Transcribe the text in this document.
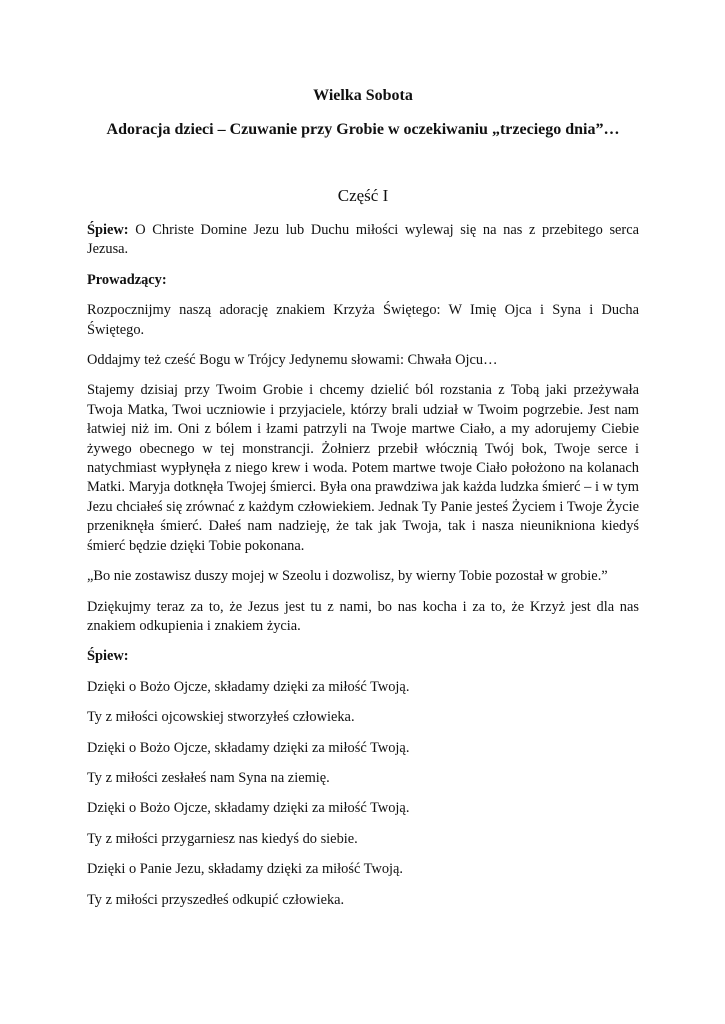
Wielka Sobota
Adoracja dzieci – Czuwanie przy Grobie w oczekiwaniu „trzeciego dnia”…
Część I
Śpiew: O Christe Domine Jezu lub Duchu miłości wylewaj się na nas z przebitego serca Jezusa.
Prowadzący:
Rozpocznijmy naszą adorację znakiem Krzyża Świętego: W Imię Ojca i Syna i Ducha Świętego.
Oddajmy też cześć Bogu w Trójcy Jedynemu słowami: Chwała Ojcu…
Stajemy dzisiaj przy Twoim Grobie i chcemy dzielić ból rozstania z Tobą jaki przeżywała Twoja Matka, Twoi uczniowie i przyjaciele, którzy brali udział w Twoim pogrzebie. Jest nam łatwiej niż im. Oni z bólem i łzami patrzyli na Twoje martwe Ciało, a my adorujemy Ciebie żywego obecnego w tej monstrancji. Żołnierz przebił włócznią Twój bok, Twoje serce i natychmiast wypłynęła z niego krew i woda. Potem martwe twoje Ciało położono na kolanach Matki. Maryja dotknęła Twojej śmierci. Była ona prawdziwa jak każda ludzka śmierć – i w tym Jezu chciałeś się zrównać z każdym człowiekiem. Jednak Ty Panie jesteś Życiem i Twoje Życie przeniknęła śmierć. Dałeś nam nadzieję, że tak jak Twoja, tak i nasza nieunikniona kiedyś śmierć będzie dzięki Tobie pokonana.
„Bo nie zostawisz duszy mojej w Szeolu i dozwolisz, by wierny Tobie pozostał w grobie.”
Dziękujmy teraz za to, że Jezus jest tu z nami, bo nas kocha i za to, że Krzyż jest dla nas znakiem odkupienia i znakiem życia.
Śpiew:
Dzięki o Bożo Ojcze, składamy dzięki za miłość Twoją.
Ty z miłości ojcowskiej stworzyłeś człowieka.
Dzięki o Bożo Ojcze, składamy dzięki za miłość Twoją.
Ty z miłości zesłałeś nam Syna na ziemię.
Dzięki o Bożo Ojcze, składamy dzięki za miłość Twoją.
Ty z miłości przygarniesz nas kiedyś do siebie.
Dzięki o Panie Jezu, składamy dzięki za miłość Twoją.
Ty z miłości przyszedłeś odkupić człowieka.
